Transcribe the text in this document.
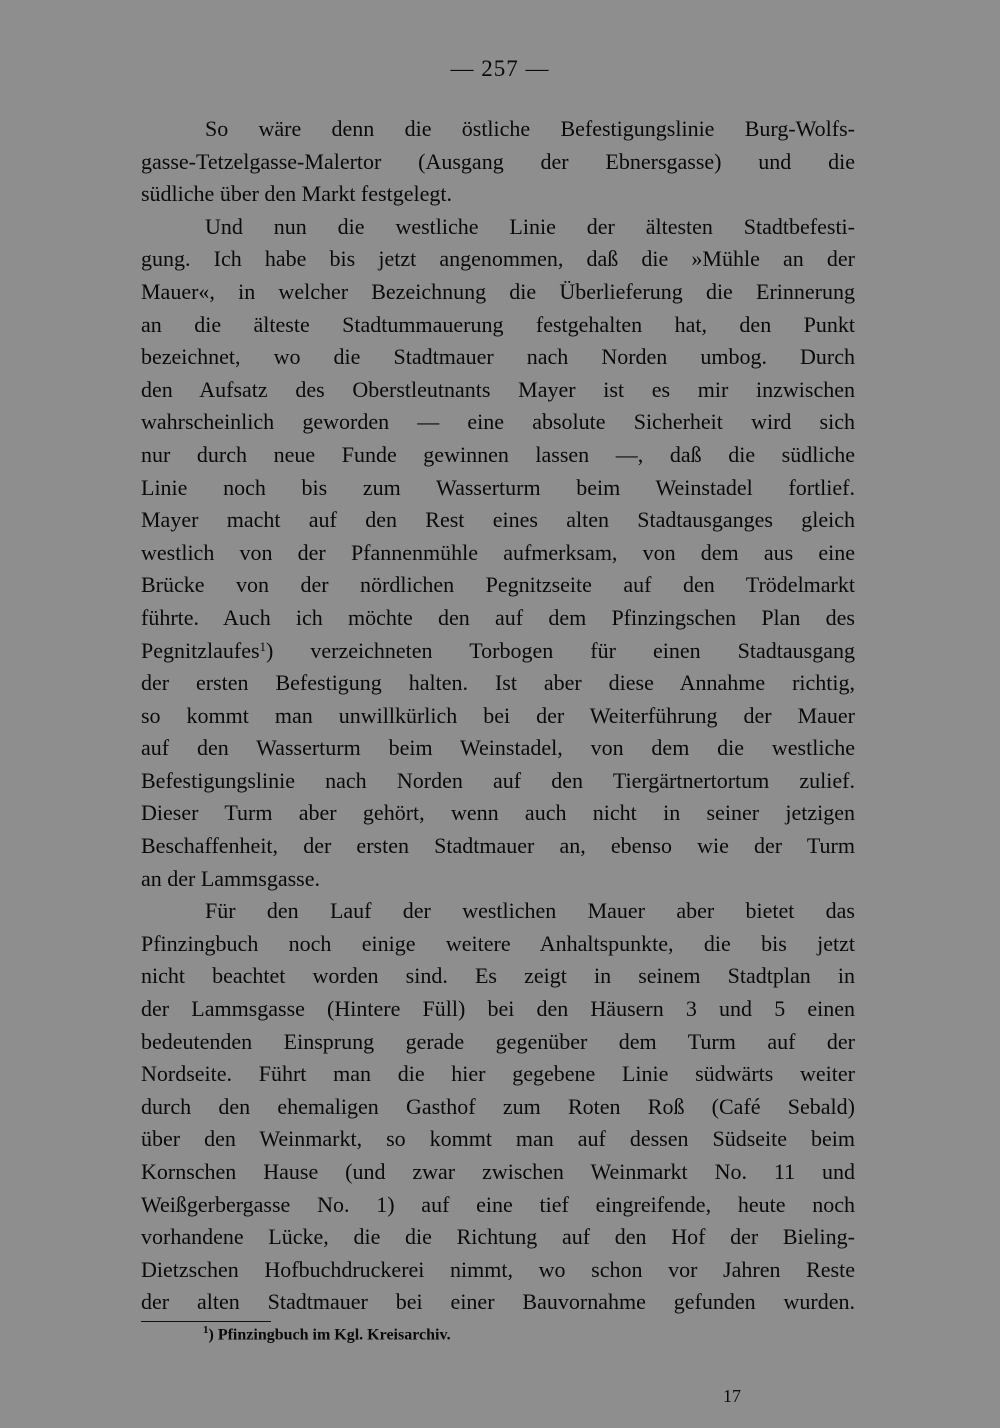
— 257 —
So wäre denn die östliche Befestigungslinie Burg-Wolfs-
gasse-Tetzelgasse-Malertor (Ausgang der Ebnersgasse) und die
südliche über den Markt festgelegt.
Und nun die westliche Linie der ältesten Stadtbefesti-
gung. Ich habe bis jetzt angenommen, daß die »Mühle an der
Mauer«, in welcher Bezeichnung die Überlieferung die Erinnerung
an die älteste Stadtummauerung festgehalten hat, den Punkt
bezeichnet, wo die Stadtmauer nach Norden umbog. Durch
den Aufsatz des Oberstleutnants Mayer ist es mir inzwischen
wahrscheinlich geworden — eine absolute Sicherheit wird sich
nur durch neue Funde gewinnen lassen —, daß die südliche
Linie noch bis zum Wasserturm beim Weinstadel fortlief.
Mayer macht auf den Rest eines alten Stadtausganges gleich
westlich von der Pfannenmühle aufmerksam, von dem aus eine
Brücke von der nördlichen Pegnitzseite auf den Trödelmarkt
führte. Auch ich möchte den auf dem Pfinzingschen Plan des
Pegnitzlaufes$^1$) verzeichneten Torbogen für einen Stadtausgang
der ersten Befestigung halten. Ist aber diese Annahme richtig,
so kommt man unwillkürlich bei der Weiterführung der Mauer
auf den Wasserturm beim Weinstadel, von dem die westliche
Befestigungslinie nach Norden auf den Tiergärtnertortum zulief.
Dieser Turm aber gehört, wenn auch nicht in seiner jetzigen
Beschaffenheit, der ersten Stadtmauer an, ebenso wie der Turm
an der Lammsgasse.
Für den Lauf der westlichen Mauer aber bietet das
Pfinzingbuch noch einige weitere Anhaltspunkte, die bis jetzt
nicht beachtet worden sind. Es zeigt in seinem Stadtplan in
der Lammsgasse (Hintere Füll) bei den Häusern 3 und 5 einen
bedeutenden Einsprung gerade gegenüber dem Turm auf der
Nordseite. Führt man die hier gegebene Linie südwärts weiter
durch den ehemaligen Gasthof zum Roten Roß (Café Sebald)
über den Weinmarkt, so kommt man auf dessen Südseite beim
Kornschen Hause (und zwar zwischen Weinmarkt No. 11 und
Weißgerbergasse No. 1) auf eine tief eingreifende, heute noch
vorhandene Lücke, die die Richtung auf den Hof der Bieling-
Dietzschen Hofbuchdruckerei nimmt, wo schon vor Jahren Reste
der alten Stadtmauer bei einer Bauvornahme gefunden wurden.
$^1$) Pfinzingbuch im Kgl. Kreisarchiv.
17
